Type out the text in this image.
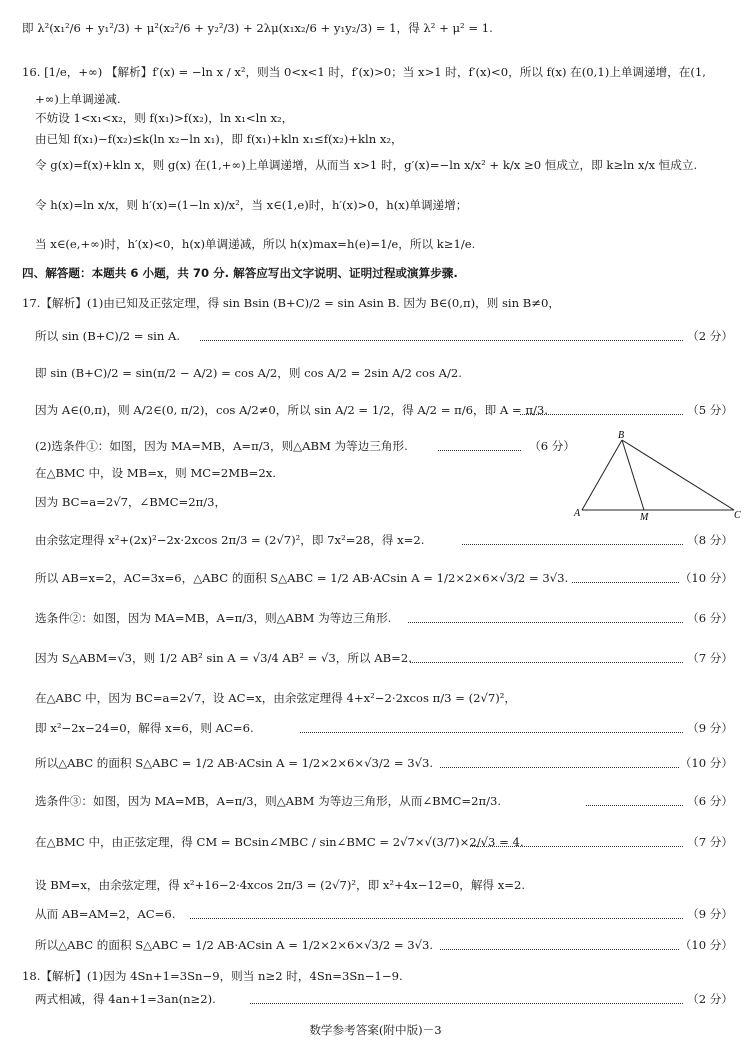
即 λ²(x₁²/6 + y₁²/3) + μ²(x₂²/6 + y₂²/3) + 2λμ(x₁x₂/6 + y₁y₂/3) = 1，得 λ² + μ² = 1.
16. [1/e，+∞) 【解析】f′(x) = −ln x / x²，则当 0<x<1 时，f′(x)>0；当 x>1 时，f′(x)<0，所以 f(x) 在(0,1)上单调递增，在(1,
+∞)上单调递减.
不妨设 1<x₁<x₂，则 f(x₁)>f(x₂)，ln x₁<ln x₂，
由已知 f(x₁)−f(x₂)≤k(ln x₂−ln x₁)，即 f(x₁)+kln x₁≤f(x₂)+kln x₂，
令 g(x)=f(x)+kln x，则 g(x) 在(1,+∞)上单调递增，从而当 x>1 时，g′(x)=−ln x/x² + k/x ≥0 恒成立，即 k≥ln x/x 恒成立.
令 h(x)=ln x/x，则 h′(x)=(1−ln x)/x²，当 x∈(1,e)时，h′(x)>0，h(x)单调递增；
当 x∈(e,+∞)时，h′(x)<0，h(x)单调递减，所以 h(x)max=h(e)=1/e，所以 k≥1/e.
四、解答题：本题共 6 小题，共 70 分. 解答应写出文字说明、证明过程或演算步骤.
17.【解析】(1)由已知及正弦定理，得 sin Bsin (B+C)/2 = sin Asin B. 因为 B∈(0,π)，则 sin B≠0，
所以 sin (B+C)/2 = sin A.	（2 分）
即 sin (B+C)/2 = sin(π/2 − A/2) = cos A/2，则 cos A/2 = 2sin A/2 cos A/2.
因为 A∈(0,π)，则 A/2∈(0, π/2)，cos A/2≠0，所以 sin A/2 = 1/2，得 A/2 = π/6，即 A = π/3.	（5 分）
(2)选条件①：如图，因为 MA=MB，A=π/3，则△ABM 为等边三角形.	（6 分）
在△BMC 中，设 MB=x，则 MC=2MB=2x.
因为 BC=a=2√7，∠BMC=2π/3，
B
A	M	C
由余弦定理得 x²+(2x)²−2x·2xcos 2π/3 = (2√7)²，即 7x²=28，得 x=2.	（8 分）
所以 AB=x=2，AC=3x=6，△ABC 的面积 S△ABC = 1/2 AB·ACsin A = 1/2×2×6×√3/2 = 3√3.	（10 分）
选条件②：如图，因为 MA=MB，A=π/3，则△ABM 为等边三角形.	（6 分）
因为 S△ABM=√3，则 1/2 AB² sin A = √3/4 AB² = √3，所以 AB=2.	（7 分）
在△ABC 中，因为 BC=a=2√7，设 AC=x，由余弦定理得 4+x²−2·2xcos π/3 = (2√7)²，
即 x²−2x−24=0，解得 x=6，则 AC=6.	（9 分）
所以△ABC 的面积 S△ABC = 1/2 AB·ACsin A = 1/2×2×6×√3/2 = 3√3.	（10 分）
选条件③：如图，因为 MA=MB，A=π/3，则△ABM 为等边三角形，从而∠BMC=2π/3.	（6 分）
在△BMC 中，由正弦定理，得 CM = BCsin∠MBC / sin∠BMC = 2√7×√(3/7)×2/√3 = 4.	（7 分）
设 BM=x，由余弦定理，得 x²+16−2·4xcos 2π/3 = (2√7)²，即 x²+4x−12=0，解得 x=2.
从而 AB=AM=2，AC=6.	（9 分）
所以△ABC 的面积 S△ABC = 1/2 AB·ACsin A = 1/2×2×6×√3/2 = 3√3.	（10 分）
18.【解析】(1)因为 4Sn+1=3Sn−9，则当 n≥2 时，4Sn=3Sn−1−9.
两式相减，得 4an+1=3an(n≥2).	（2 分）
数学参考答案(附中版)－3
